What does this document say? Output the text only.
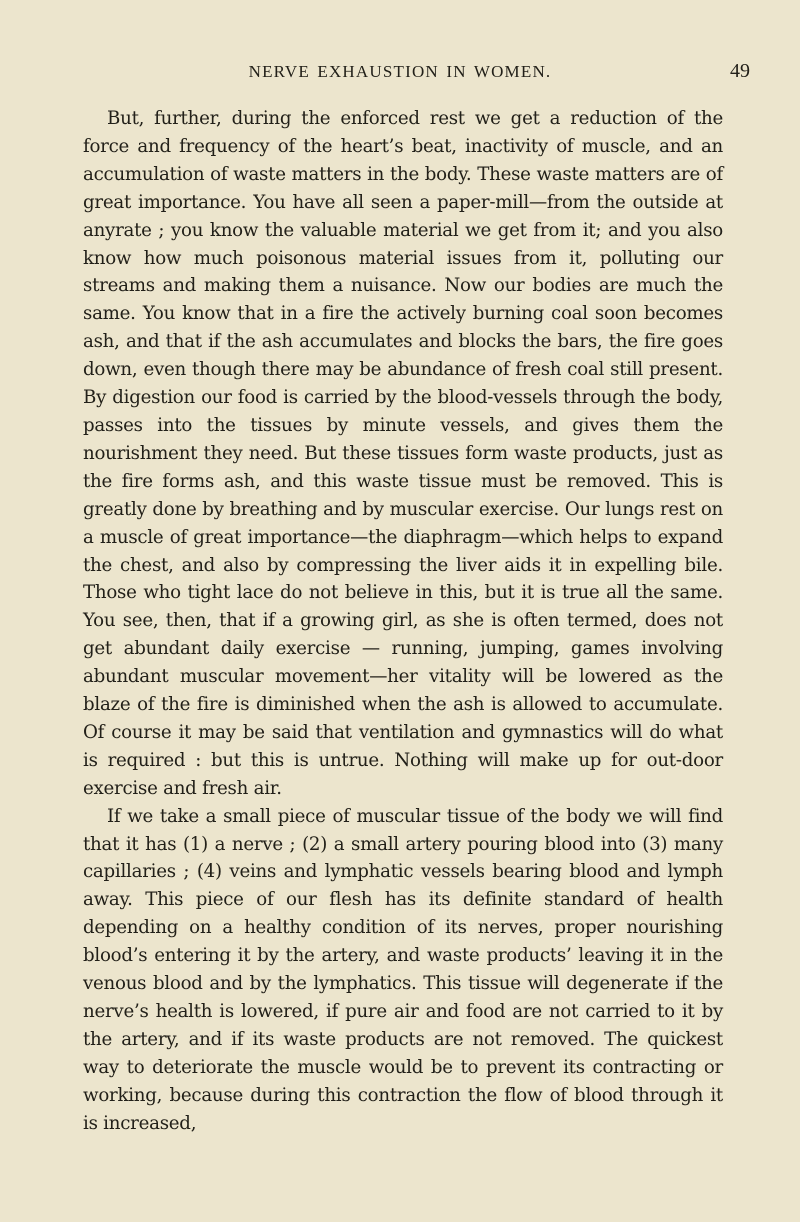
NERVE EXHAUSTION IN WOMEN.	49

But, further, during the enforced rest we get a reduction of the force and frequency of the heart’s beat, inactivity of muscle, and an accumulation of waste matters in the body. These waste matters are of great importance. You have all seen a paper-mill—from the outside at anyrate ; you know the valuable material we get from it; and you also know how much poisonous material issues from it, polluting our streams and making them a nuisance. Now our bodies are much the same. You know that in a fire the actively burning coal soon becomes ash, and that if the ash accumulates and blocks the bars, the fire goes down, even though there may be abundance of fresh coal still present. By digestion our food is carried by the blood-vessels through the body, passes into the tissues by minute vessels, and gives them the nourishment they need. But these tissues form waste products, just as the fire forms ash, and this waste tissue must be removed. This is greatly done by breathing and by muscular exercise. Our lungs rest on a muscle of great importance—the diaphragm—which helps to expand the chest, and also by compressing the liver aids it in expelling bile. Those who tight lace do not believe in this, but it is true all the same. You see, then, that if a growing girl, as she is often termed, does not get abundant daily exercise — running, jumping, games involving abundant muscular movement—her vitality will be lowered as the blaze of the fire is diminished when the ash is allowed to accumulate. Of course it may be said that ventilation and gymnastics will do what is required : but this is untrue. Nothing will make up for out-door exercise and fresh air.

If we take a small piece of muscular tissue of the body we will find that it has (1) a nerve ; (2) a small artery pouring blood into (3) many capillaries ; (4) veins and lymphatic vessels bearing blood and lymph away. This piece of our flesh has its definite standard of health depending on a healthy condition of its nerves, proper nourishing blood’s entering it by the artery, and waste products’ leaving it in the venous blood and by the lymphatics. This tissue will degenerate if the nerve’s health is lowered, if pure air and food are not carried to it by the artery, and if its waste products are not removed. The quickest way to deteriorate the muscle would be to prevent its contracting or working, because during this contraction the flow of blood through it is increased,
